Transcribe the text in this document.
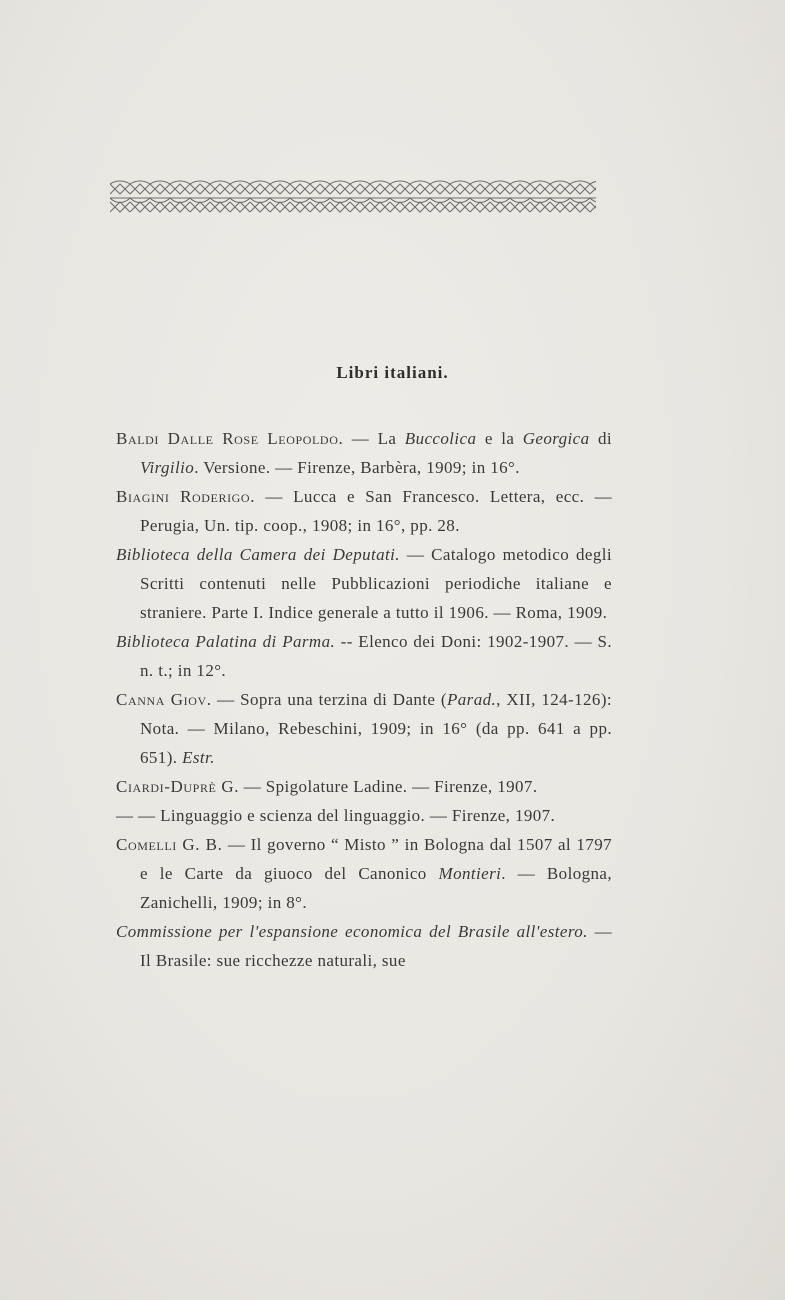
Libri italiani.

Baldi Dalle Rose Leopoldo. — La Buccolica e la Georgica di Virgilio. Versione. — Firenze, Barbèra, 1909; in 16°.

Biagini Roderigo. — Lucca e San Francesco. Lettera, ecc. — Perugia, Un. tip. coop., 1908; in 16°, pp. 28.

Biblioteca della Camera dei Deputati. — Catalogo metodico degli Scritti contenuti nelle Pubblicazioni periodiche italiane e straniere. Parte I. Indice generale a tutto il 1906. — Roma, 1909.

Biblioteca Palatina di Parma. -- Elenco dei Doni: 1902-1907. — S. n. t.; in 12°.

Canna Giov. — Sopra una terzina di Dante (Parad., XII, 124-126): Nota. — Milano, Rebeschini, 1909; in 16° (da pp. 641 a pp. 651). Estr.

Ciardi-Duprè G. — Spigolature Ladine. — Firenze, 1907.

— — Linguaggio e scienza del linguaggio. — Firenze, 1907.

Comelli G. B. — Il governo “ Misto ” in Bologna dal 1507 al 1797 e le Carte da giuoco del Canonico Montieri. — Bologna, Zanichelli, 1909; in 8°.

Commissione per l'espansione economica del Brasile all'estero. — Il Brasile: sue ricchezze naturali, sue
